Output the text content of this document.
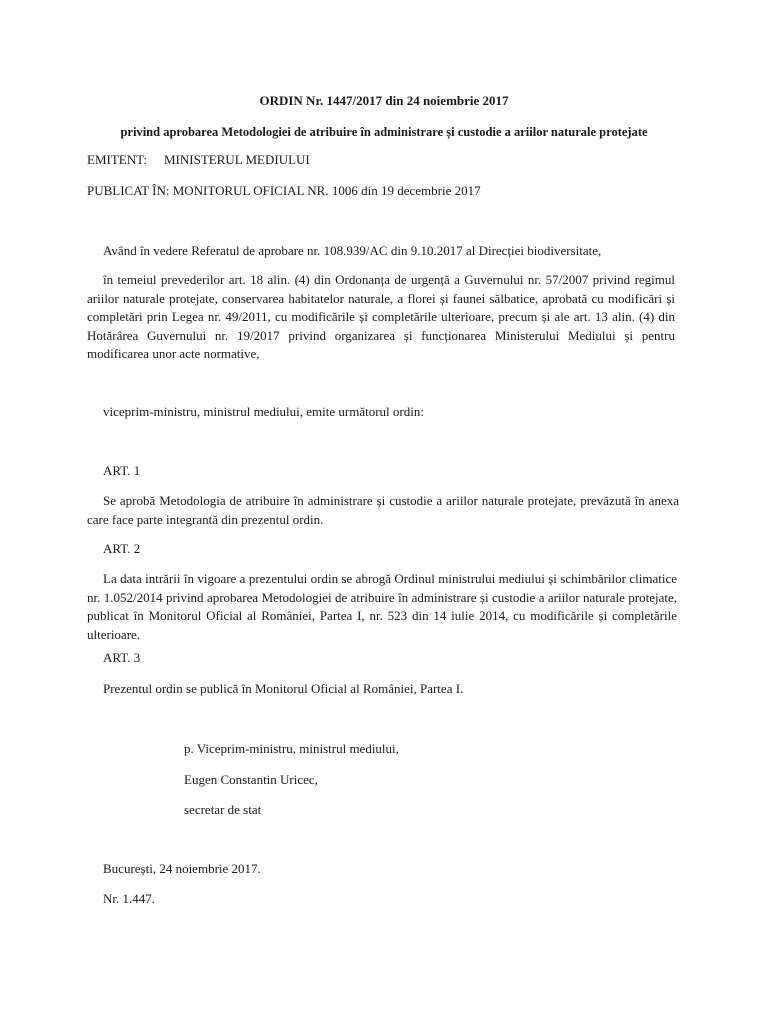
ORDIN Nr. 1447/2017 din 24 noiembrie 2017
privind aprobarea Metodologiei de atribuire în administrare și custodie a ariilor naturale protejate
EMITENT: MINISTERUL MEDIULUI
PUBLICAT ÎN: MONITORUL OFICIAL NR. 1006 din 19 decembrie 2017
Având în vedere Referatul de aprobare nr. 108.939/AC din 9.10.2017 al Direcției biodiversitate,
în temeiul prevederilor art. 18 alin. (4) din Ordonanța de urgență a Guvernului nr. 57/2007 privind regimul ariilor naturale protejate, conservarea habitatelor naturale, a florei și faunei sălbatice, aprobată cu modificări și completări prin Legea nr. 49/2011, cu modificările și completările ulterioare, precum și ale art. 13 alin. (4) din Hotărârea Guvernului nr. 19/2017 privind organizarea și funcționarea Ministerului Mediului și pentru modificarea unor acte normative,
viceprim-ministru, ministrul mediului, emite următorul ordin:
ART. 1
Se aprobă Metodologia de atribuire în administrare și custodie a ariilor naturale protejate, prevăzută în anexa care face parte integrantă din prezentul ordin.
ART. 2
La data intrării în vigoare a prezentului ordin se abrogă Ordinul ministrului mediului și schimbărilor climatice nr. 1.052/2014 privind aprobarea Metodologiei de atribuire în administrare și custodie a ariilor naturale protejate, publicat în Monitorul Oficial al României, Partea I, nr. 523 din 14 iulie 2014, cu modificările și completările ulterioare.
ART. 3
Prezentul ordin se publică în Monitorul Oficial al României, Partea I.
p. Viceprim-ministru, ministrul mediului,
Eugen Constantin Uricec,
secretar de stat
București, 24 noiembrie 2017.
Nr. 1.447.
